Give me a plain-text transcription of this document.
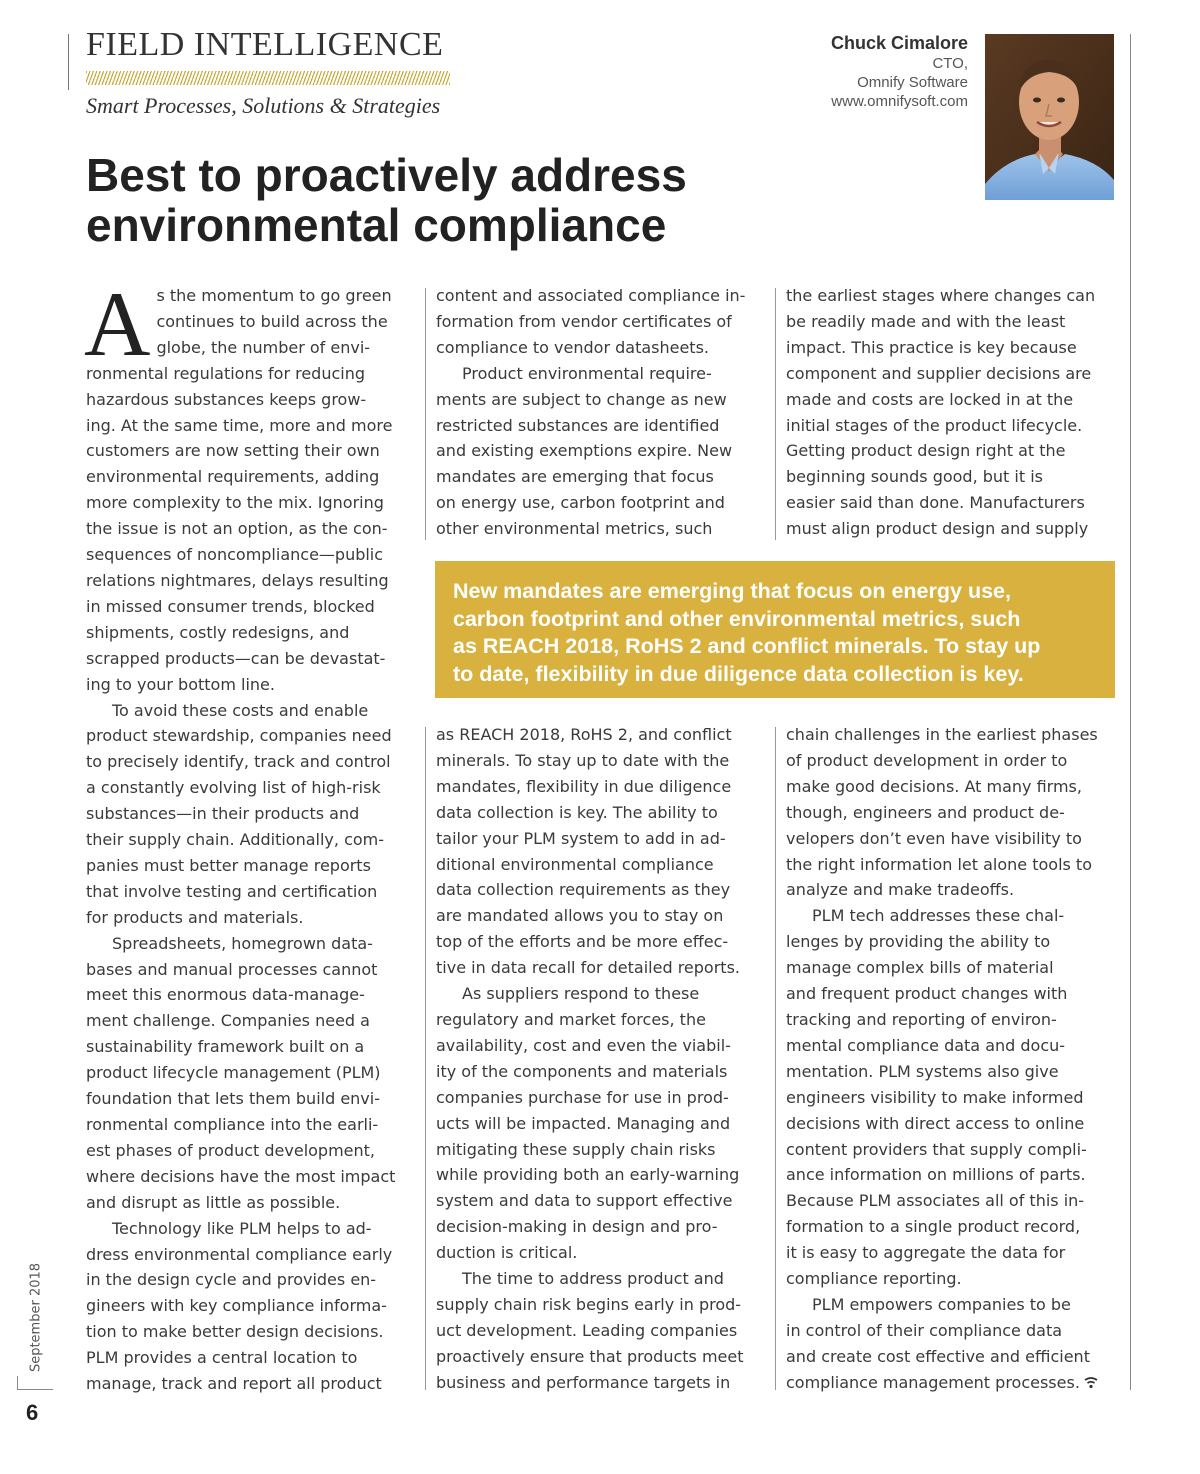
FIELD INTELLIGENCE
Smart Processes, Solutions & Strategies
Chuck Cimalore
CTO,
Omnify Software
www.omnifysoft.com
Best to proactively address
environmental compliance

A s the momentum to go green
continues to build across the
globe, the number of envi-
ronmental regulations for reducing
hazardous substances keeps grow-
ing. At the same time, more and more
customers are now setting their own
environmental requirements, adding
more complexity to the mix. Ignoring
the issue is not an option, as the con-
sequences of noncompliance—public
relations nightmares, delays resulting
in missed consumer trends, blocked
shipments, costly redesigns, and
scrapped products—can be devastat-
ing to your bottom line.

To avoid these costs and enable
product stewardship, companies need
to precisely identify, track and control
a constantly evolving list of high-risk
substances—in their products and
their supply chain. Additionally, com-
panies must better manage reports
that involve testing and certification
for products and materials.

Spreadsheets, homegrown data-
bases and manual processes cannot
meet this enormous data-manage-
ment challenge. Companies need a
sustainability framework built on a
product lifecycle management (PLM)
foundation that lets them build envi-
ronmental compliance into the earli-
est phases of product development,
where decisions have the most impact
and disrupt as little as possible.

Technology like PLM helps to ad-
dress environmental compliance early
in the design cycle and provides en-
gineers with key compliance informa-
tion to make better design decisions.
PLM provides a central location to
manage, track and report all product

content and associated compliance in-
formation from vendor certificates of
compliance to vendor datasheets.

Product environmental require-
ments are subject to change as new
restricted substances are identified
and existing exemptions expire. New
mandates are emerging that focus
on energy use, carbon footprint and
other environmental metrics, such

the earliest stages where changes can
be readily made and with the least
impact. This practice is key because
component and supplier decisions are
made and costs are locked in at the
initial stages of the product lifecycle.
Getting product design right at the
beginning sounds good, but it is
easier said than done. Manufacturers
must align product design and supply

New mandates are emerging that focus on energy use,
carbon footprint and other environmental metrics, such
as REACH 2018, RoHS 2 and conflict minerals. To stay up
to date, flexibility in due diligence data collection is key.

as REACH 2018, RoHS 2, and conflict
minerals. To stay up to date with the
mandates, flexibility in due diligence
data collection is key. The ability to
tailor your PLM system to add in ad-
ditional environmental compliance
data collection requirements as they
are mandated allows you to stay on
top of the efforts and be more effec-
tive in data recall for detailed reports.

As suppliers respond to these
regulatory and market forces, the
availability, cost and even the viabil-
ity of the components and materials
companies purchase for use in prod-
ucts will be impacted. Managing and
mitigating these supply chain risks
while providing both an early-warning
system and data to support effective
decision-making in design and pro-
duction is critical.

The time to address product and
supply chain risk begins early in prod-
uct development. Leading companies
proactively ensure that products meet
business and performance targets in

chain challenges in the earliest phases
of product development in order to
make good decisions. At many firms,
though, engineers and product de-
velopers don’t even have visibility to
the right information let alone tools to
analyze and make tradeoffs.

PLM tech addresses these chal-
lenges by providing the ability to
manage complex bills of material
and frequent product changes with
tracking and reporting of environ-
mental compliance data and docu-
mentation. PLM systems also give
engineers visibility to make informed
decisions with direct access to online
content providers that supply compli-
ance information on millions of parts.
Because PLM associates all of this in-
formation to a single product record,
it is easy to aggregate the data for
compliance reporting.

PLM empowers companies to be
in control of their compliance data
and create cost effective and efficient
compliance management processes.

September 2018
6
